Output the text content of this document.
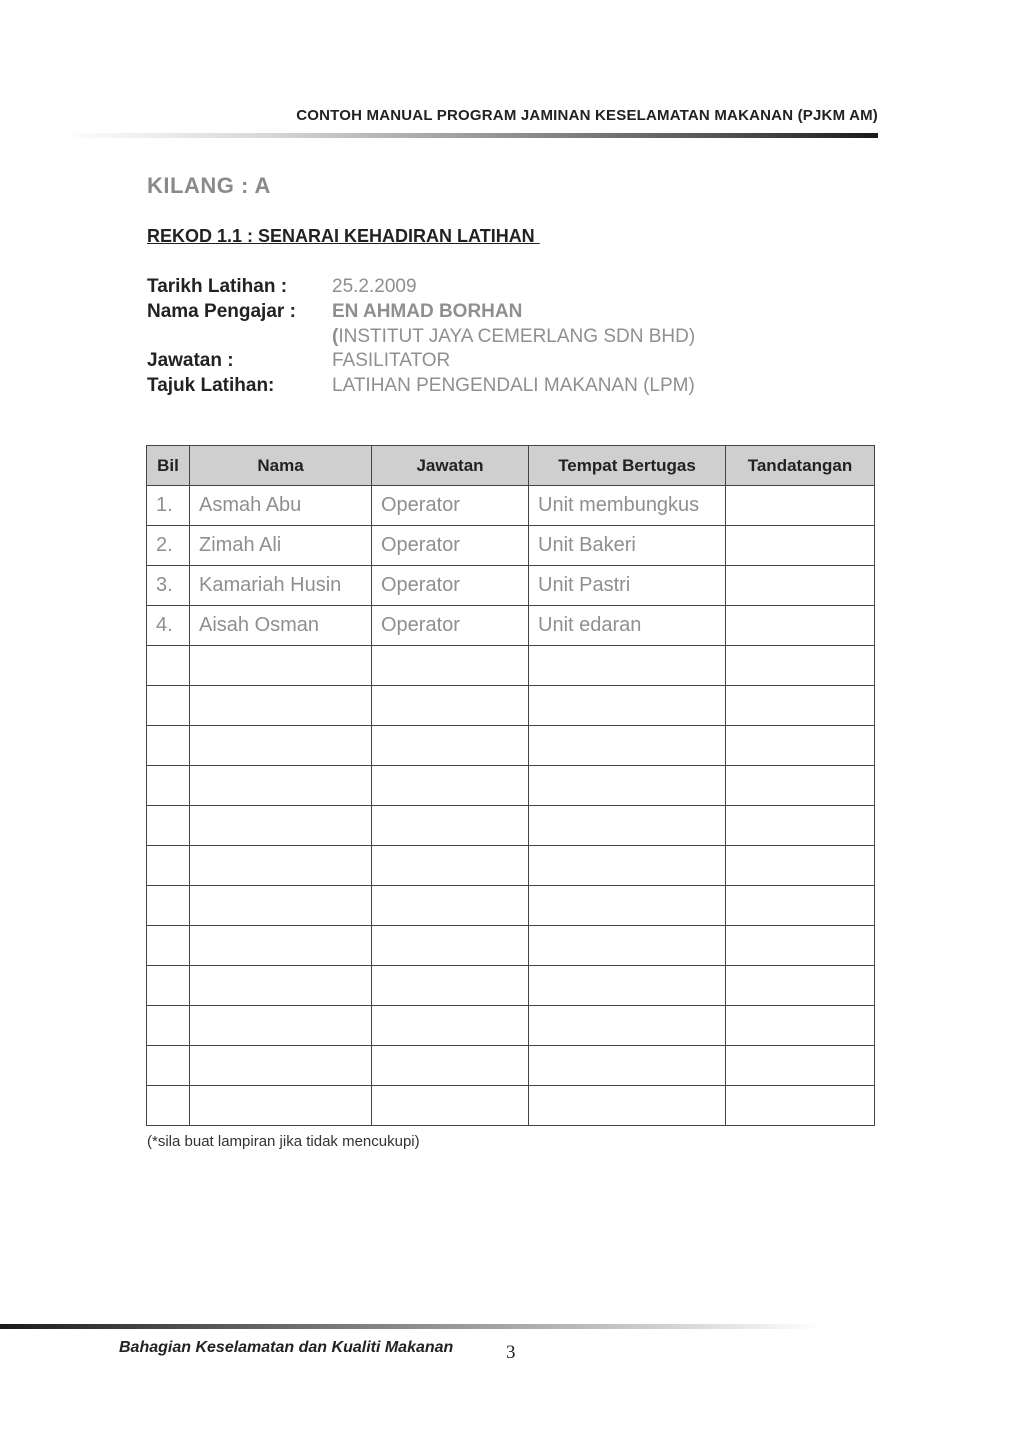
CONTOH MANUAL PROGRAM JAMINAN KESELAMATAN MAKANAN (PJKM AM)
KILANG : A
REKOD 1.1 : SENARAI KEHADIRAN LATIHAN
Tarikh Latihan : 25.2.2009
Nama Pengajar : EN AHMAD BORHAN
(INSTITUT JAYA CEMERLANG SDN BHD)
Jawatan :	FASILITATOR
Tajuk Latihan:	LATIHAN PENGENDALI MAKANAN (LPM)
Bil	Nama	Jawatan	Tempat Bertugas	Tandatangan
1.	Asmah Abu	Operator	Unit membungkus	
2.	Zimah Ali	Operator	Unit Bakeri	
3.	Kamariah Husin	Operator	Unit Pastri	
4.	Aisah Osman	Operator	Unit edaran	

(*sila buat lampiran jika tidak mencukupi)
Bahagian Keselamatan dan Kualiti Makanan	3
